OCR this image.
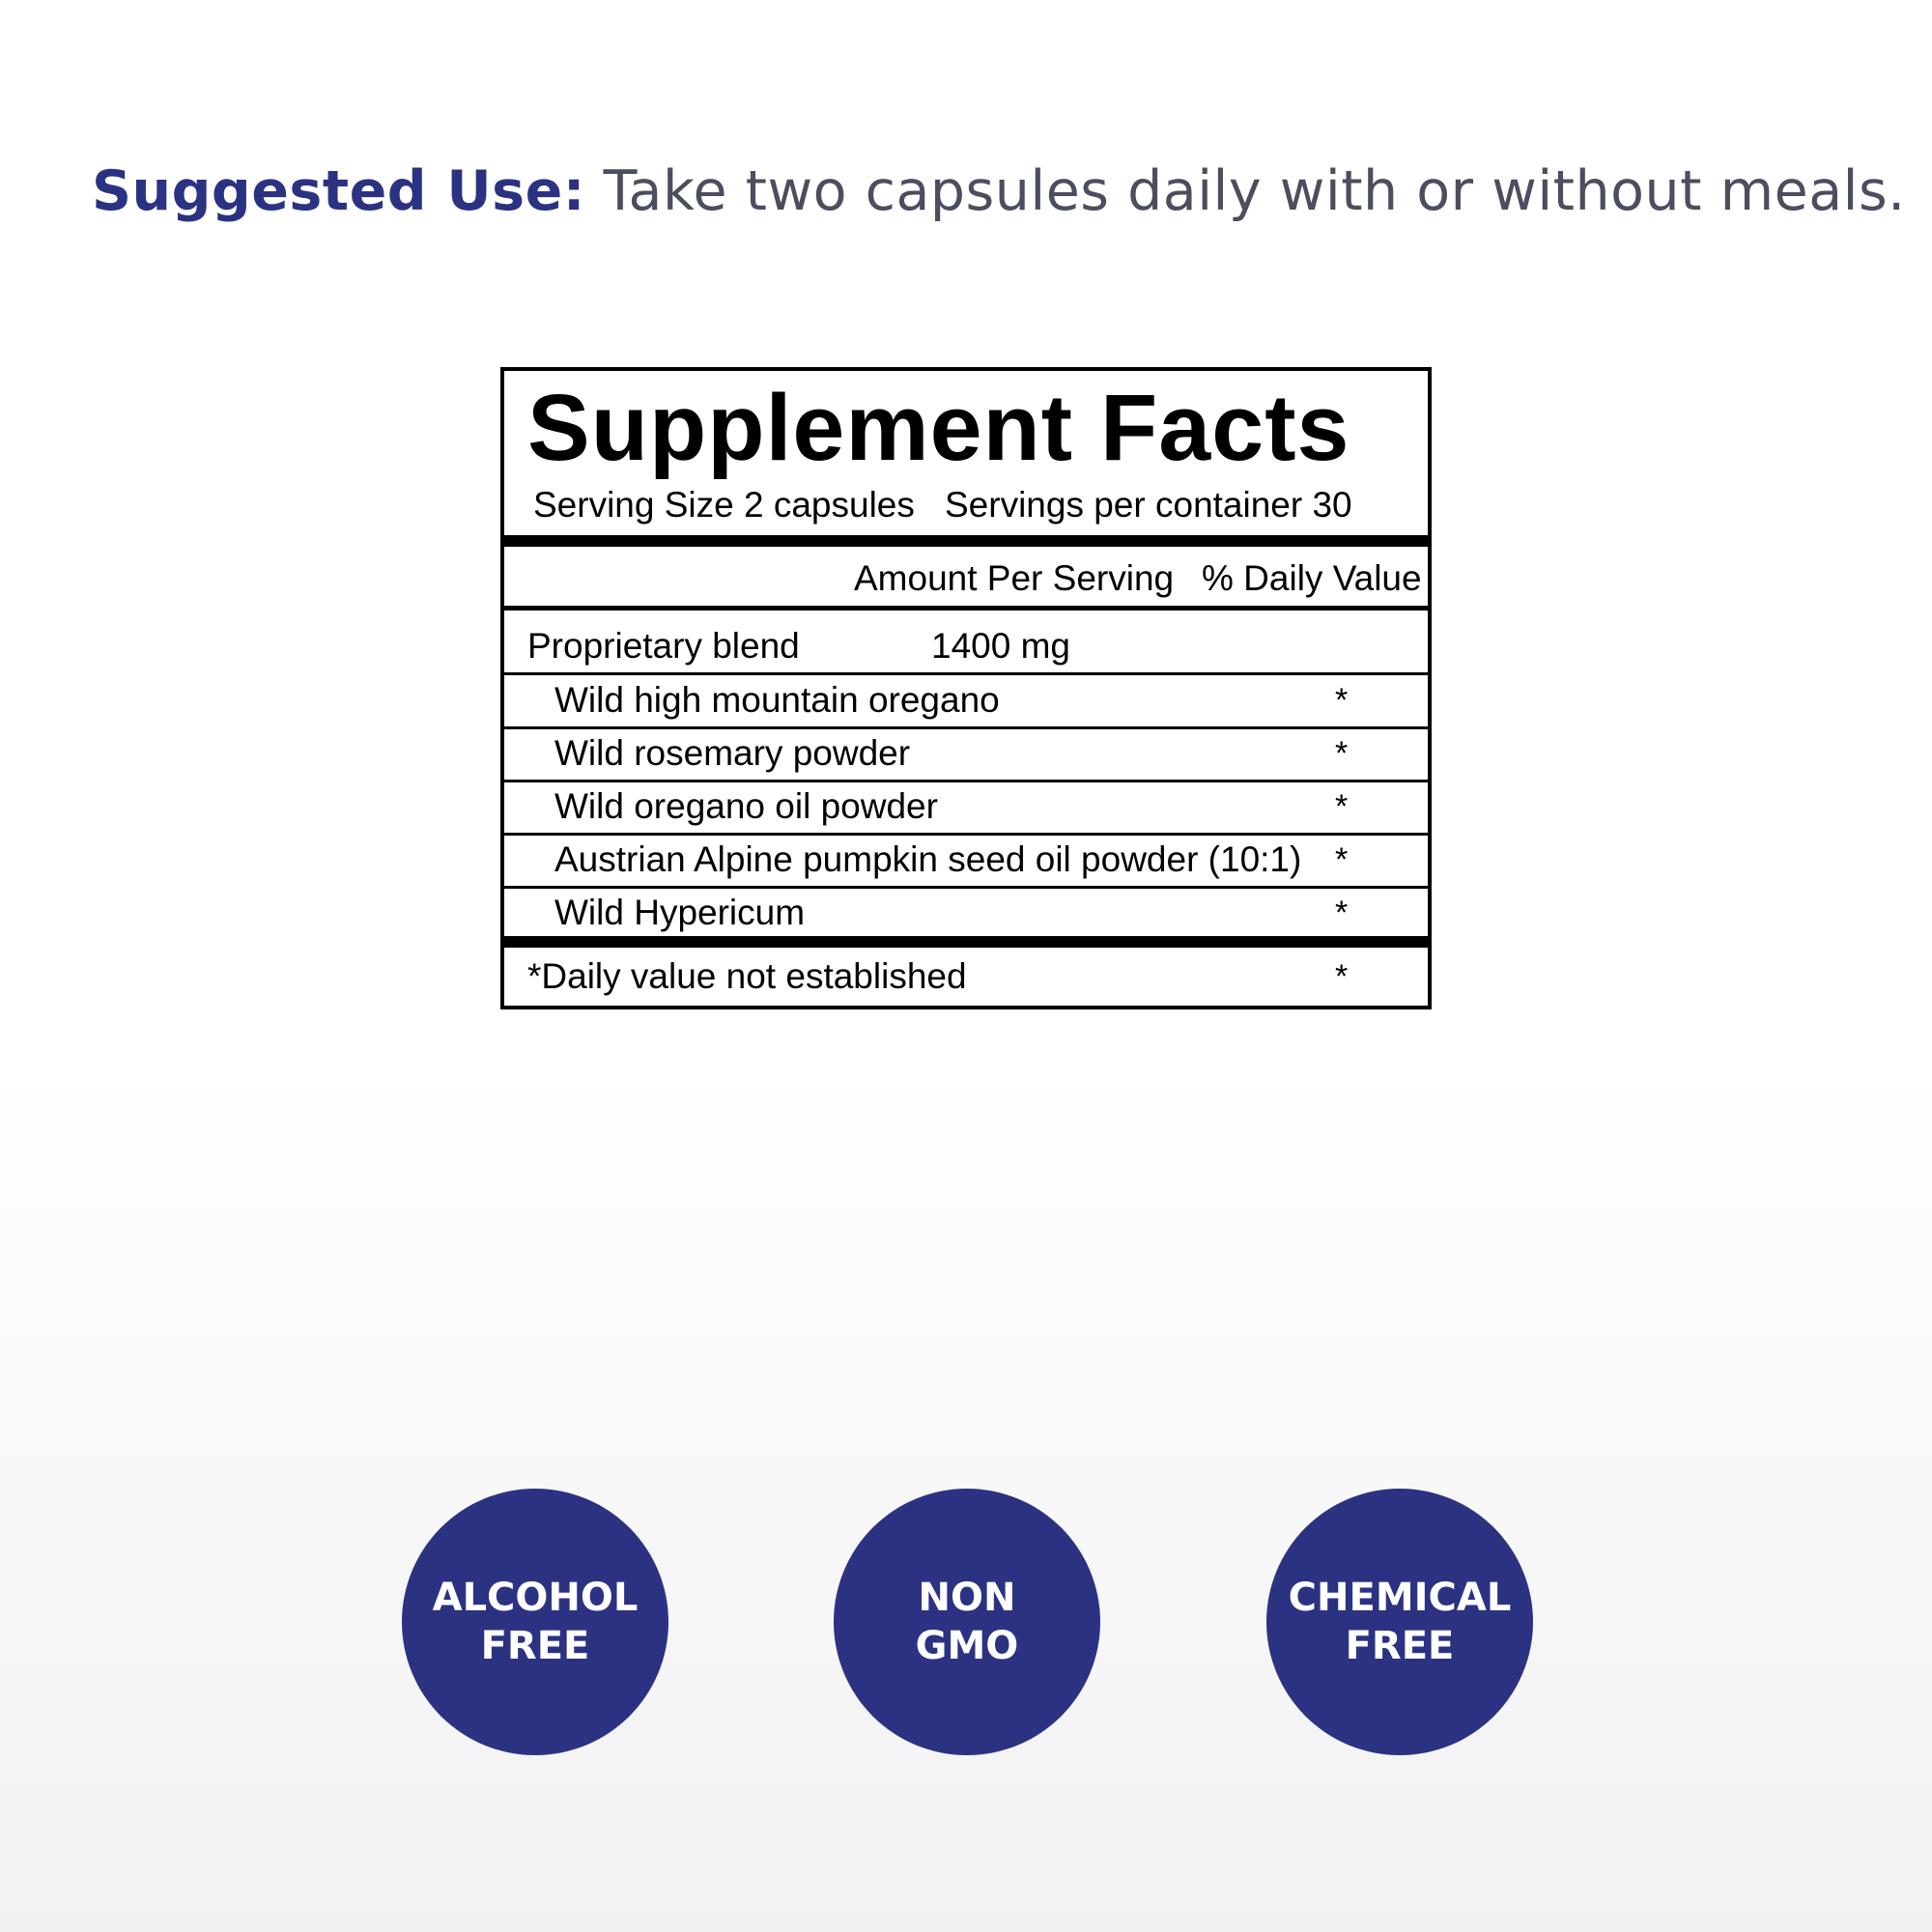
Suggested Use: Take two capsules daily with or without meals.
Supplement Facts
Serving Size 2 capsules Servings per container 30
Amount Per Serving % Daily Value
Proprietary blend	1400 mg
Wild high mountain oregano	*
Wild rosemary powder	*
Wild oregano oil powder	*
Austrian Alpine pumpkin seed oil powder (10:1) *
Wild Hypericum	*
*Daily value not established	*
ALCOHOL
FREE
NON
GMO
CHEMICAL
FREE
